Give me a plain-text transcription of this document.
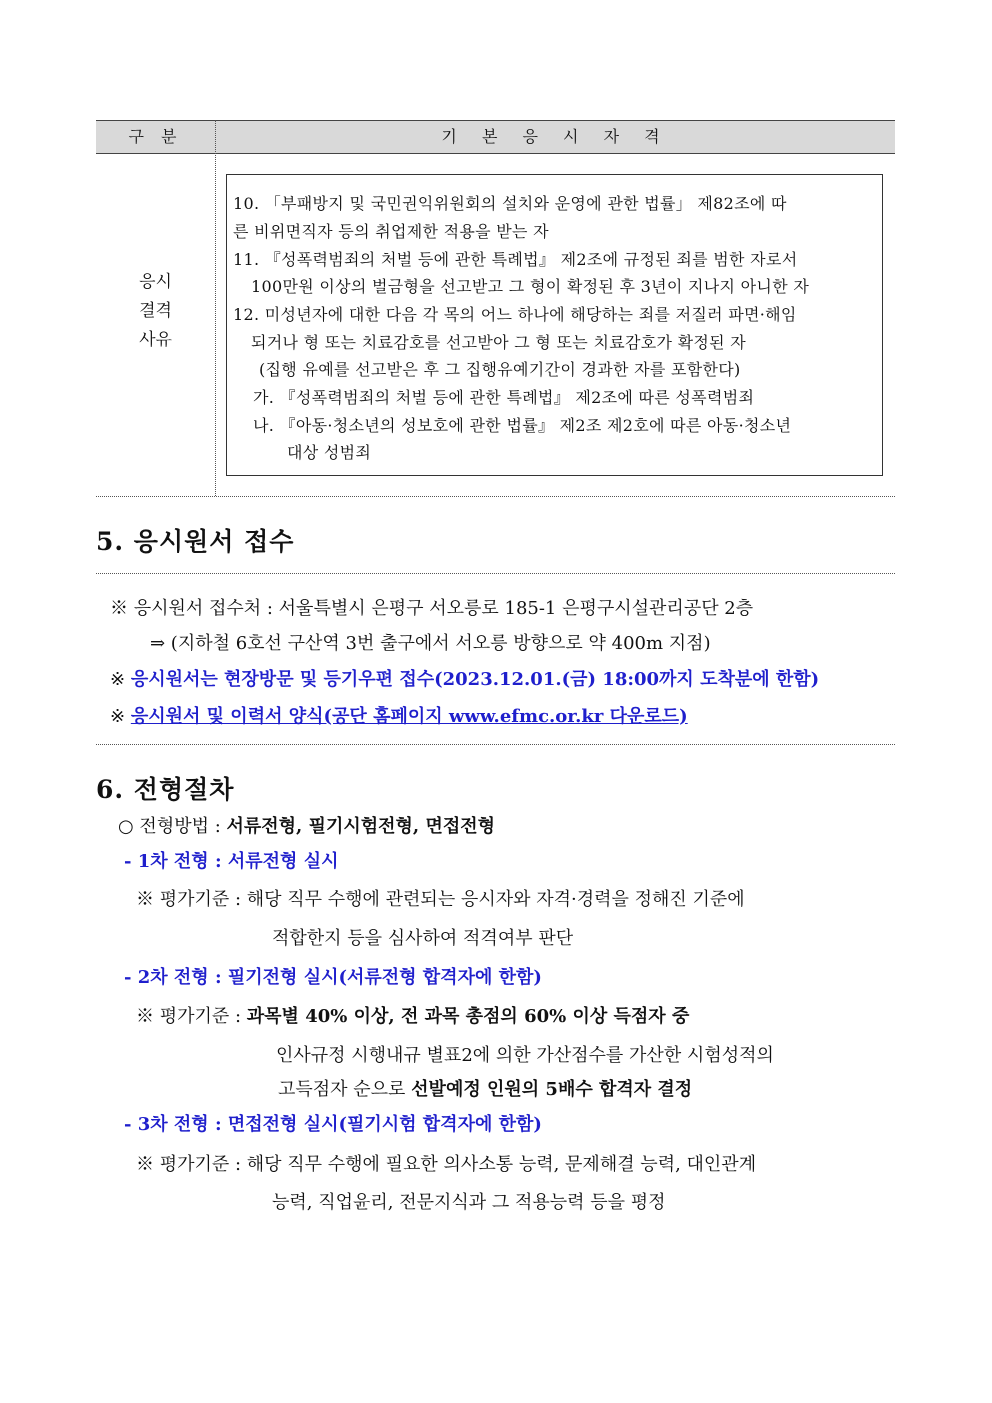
구 분	기 본 응 시 자 격
응시
결격
사유
10. 「부패방지 및 국민권익위원회의 설치와 운영에 관한 법률」 제82조에 따
른 비위면직자 등의 취업제한 적용을 받는 자
11. 『성폭력범죄의 처벌 등에 관한 특례법』 제2조에 규정된 죄를 범한 자로서
100만원 이상의 벌금형을 선고받고 그 형이 확정된 후 3년이 지나지 아니한 자
12. 미성년자에 대한 다음 각 목의 어느 하나에 해당하는 죄를 저질러 파면·해임
되거나 형 또는 치료감호를 선고받아 그 형 또는 치료감호가 확정된 자
(집행 유예를 선고받은 후 그 집행유예기간이 경과한 자를 포함한다)
가. 『성폭력범죄의 처벌 등에 관한 특례법』 제2조에 따른 성폭력범죄
나. 『아동·청소년의 성보호에 관한 법률』 제2조 제2호에 따른 아동·청소년
대상 성범죄
5. 응시원서 접수
※ 응시원서 접수처 : 서울특별시 은평구 서오릉로 185-1 은평구시설관리공단 2층
⇒ (지하철 6호선 구산역 3번 출구에서 서오릉 방향으로 약 400m 지점)
※ 응시원서는 현장방문 및 등기우편 접수(2023.12.01.(금) 18:00까지 도착분에 한함)
※ 응시원서 및 이력서 양식(공단 홈페이지 www.efmc.or.kr 다운로드)
6. 전형절차
○ 전형방법 : 서류전형, 필기시험전형, 면접전형
- 1차 전형 : 서류전형 실시
※ 평가기준 : 해당 직무 수행에 관련되는 응시자와 자격·경력을 정해진 기준에
적합한지 등을 심사하여 적격여부 판단
- 2차 전형 : 필기전형 실시(서류전형 합격자에 한함)
※ 평가기준 : 과목별 40% 이상, 전 과목 총점의 60% 이상 득점자 중
인사규정 시행내규 별표2에 의한 가산점수를 가산한 시험성적의
고득점자 순으로 선발예정 인원의 5배수 합격자 결정
- 3차 전형 : 면접전형 실시(필기시험 합격자에 한함)
※ 평가기준 : 해당 직무 수행에 필요한 의사소통 능력, 문제해결 능력, 대인관계
능력, 직업윤리, 전문지식과 그 적용능력 등을 평정
